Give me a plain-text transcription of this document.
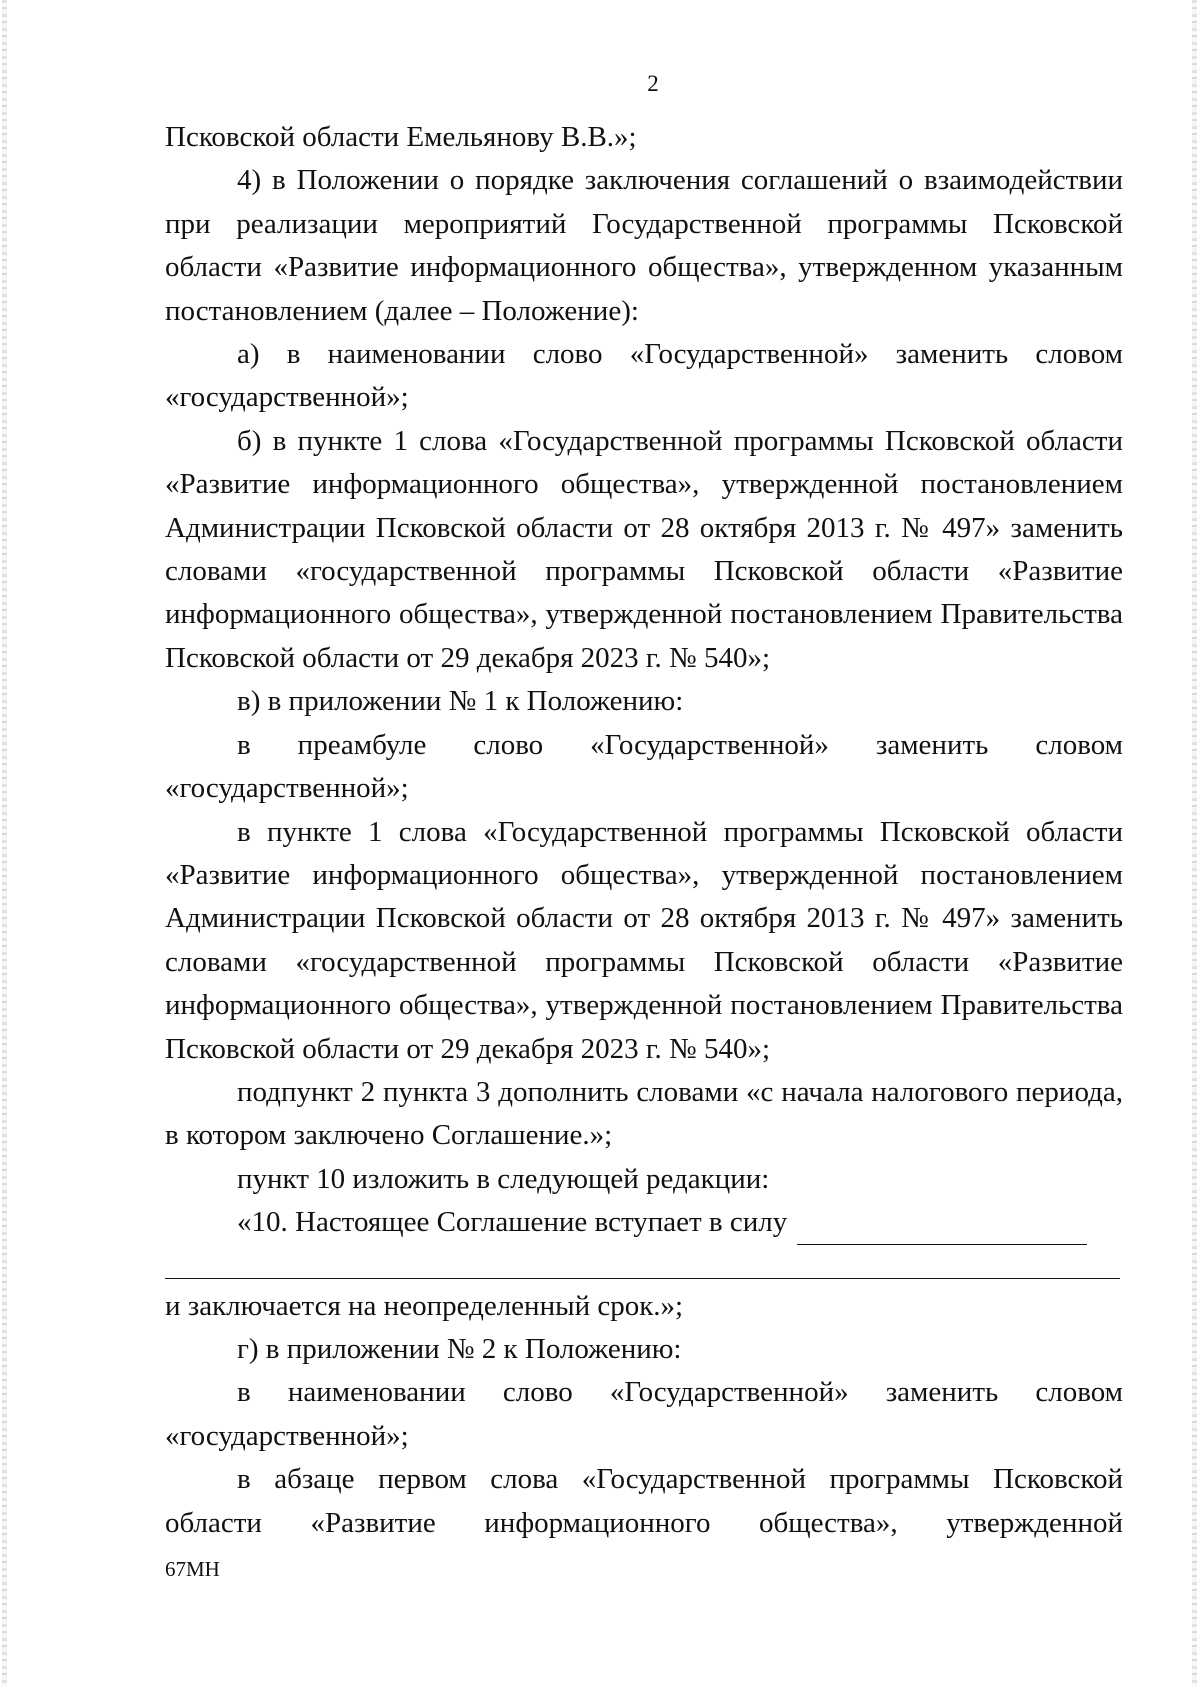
2

Псковской области Емельянову В.В.»;

4) в Положении о порядке заключения соглашений о взаимодействии при реализации мероприятий Государственной программы Псковской области «Развитие информационного общества», утвержденном указанным постановлением (далее – Положение):

а) в наименовании слово «Государственной» заменить словом «государственной»;

б) в пункте 1 слова «Государственной программы Псковской области «Развитие информационного общества», утвержденной постановлением Администрации Псковской области от 28 октября 2013 г. № 497» заменить словами «государственной программы Псковской области «Развитие информационного общества», утвержденной постановлением Правительства Псковской области от 29 декабря 2023 г. № 540»;

в) в приложении № 1 к Положению:

в преамбуле слово «Государственной» заменить словом «государственной»;

в пункте 1 слова «Государственной программы Псковской области «Развитие информационного общества», утвержденной постановлением Администрации Псковской области от 28 октября 2013 г. № 497» заменить словами «государственной программы Псковской области «Развитие информационного общества», утвержденной постановлением Правительства Псковской области от 29 декабря 2023 г. № 540»;

подпункт 2 пункта 3 дополнить словами «с начала налогового периода, в котором заключено Соглашение.»;

пункт 10 изложить в следующей редакции:

«10. Настоящее Соглашение вступает в силу

и заключается на неопределенный срок.»;

г) в приложении № 2 к Положению:

в наименовании слово «Государственной» заменить словом «государственной»;

в абзаце первом слова «Государственной программы Псковской области «Развитие информационного общества», утвержденной

67МН
